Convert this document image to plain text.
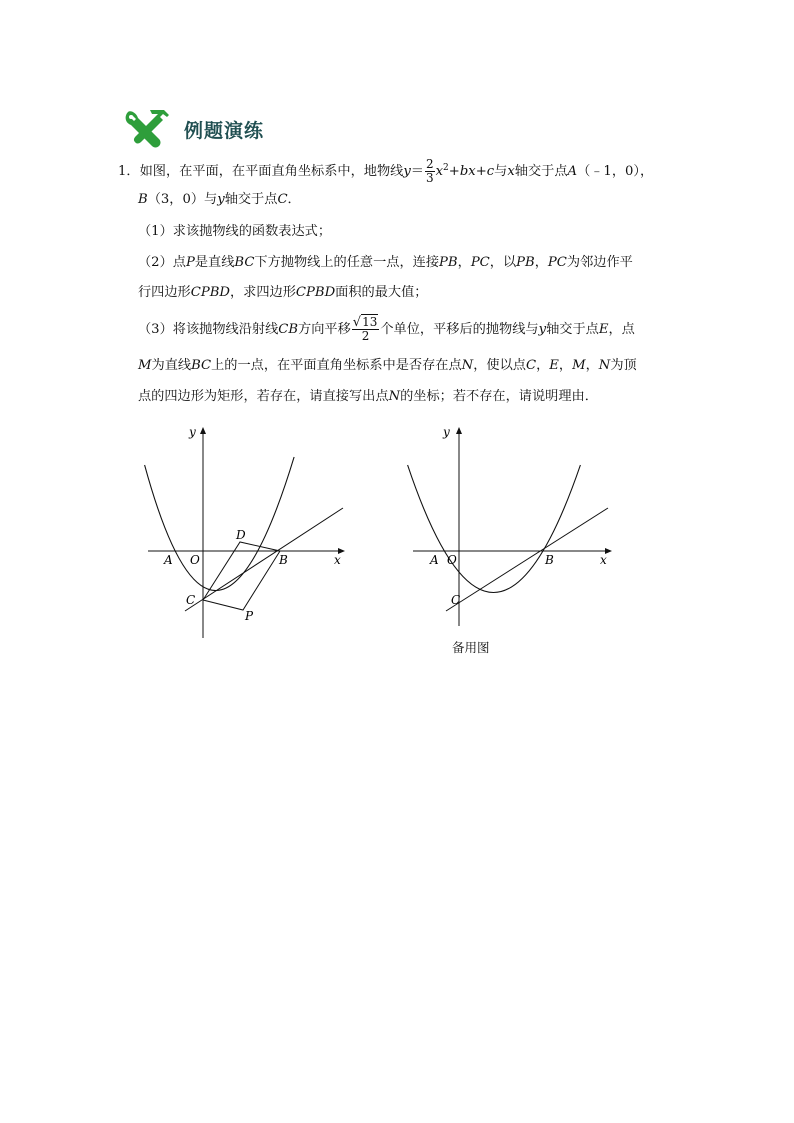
例题演练
1．如图，在平面，在平面直角坐标系中，地物线$y= \frac{2}{3} x^2+bx+c$与x轴交于点A（﹣1，0），
B（3，0）与y轴交于点C．
（1）求该抛物线的函数表达式；
（2）点P是直线BC下方抛物线上的任意一点，连接PB，PC，以PB，PC为邻边作平
行四边形CPBD，求四边形CPBD面积的最大值；
（3）将该抛物线沿射线CB方向平移 $\frac{√13}{2}$ 个单位，平移后的抛物线与y轴交于点E，点
M为直线BC上的一点，在平面直角坐标系中是否存在点N，使以点C，E，M，N为顶
点的四边形为矩形，若存在，请直接写出点N的坐标；若不存在，请说明理由．
y
x
O
A	B
C
D
P
y
x
O
A	B
C
备用图
